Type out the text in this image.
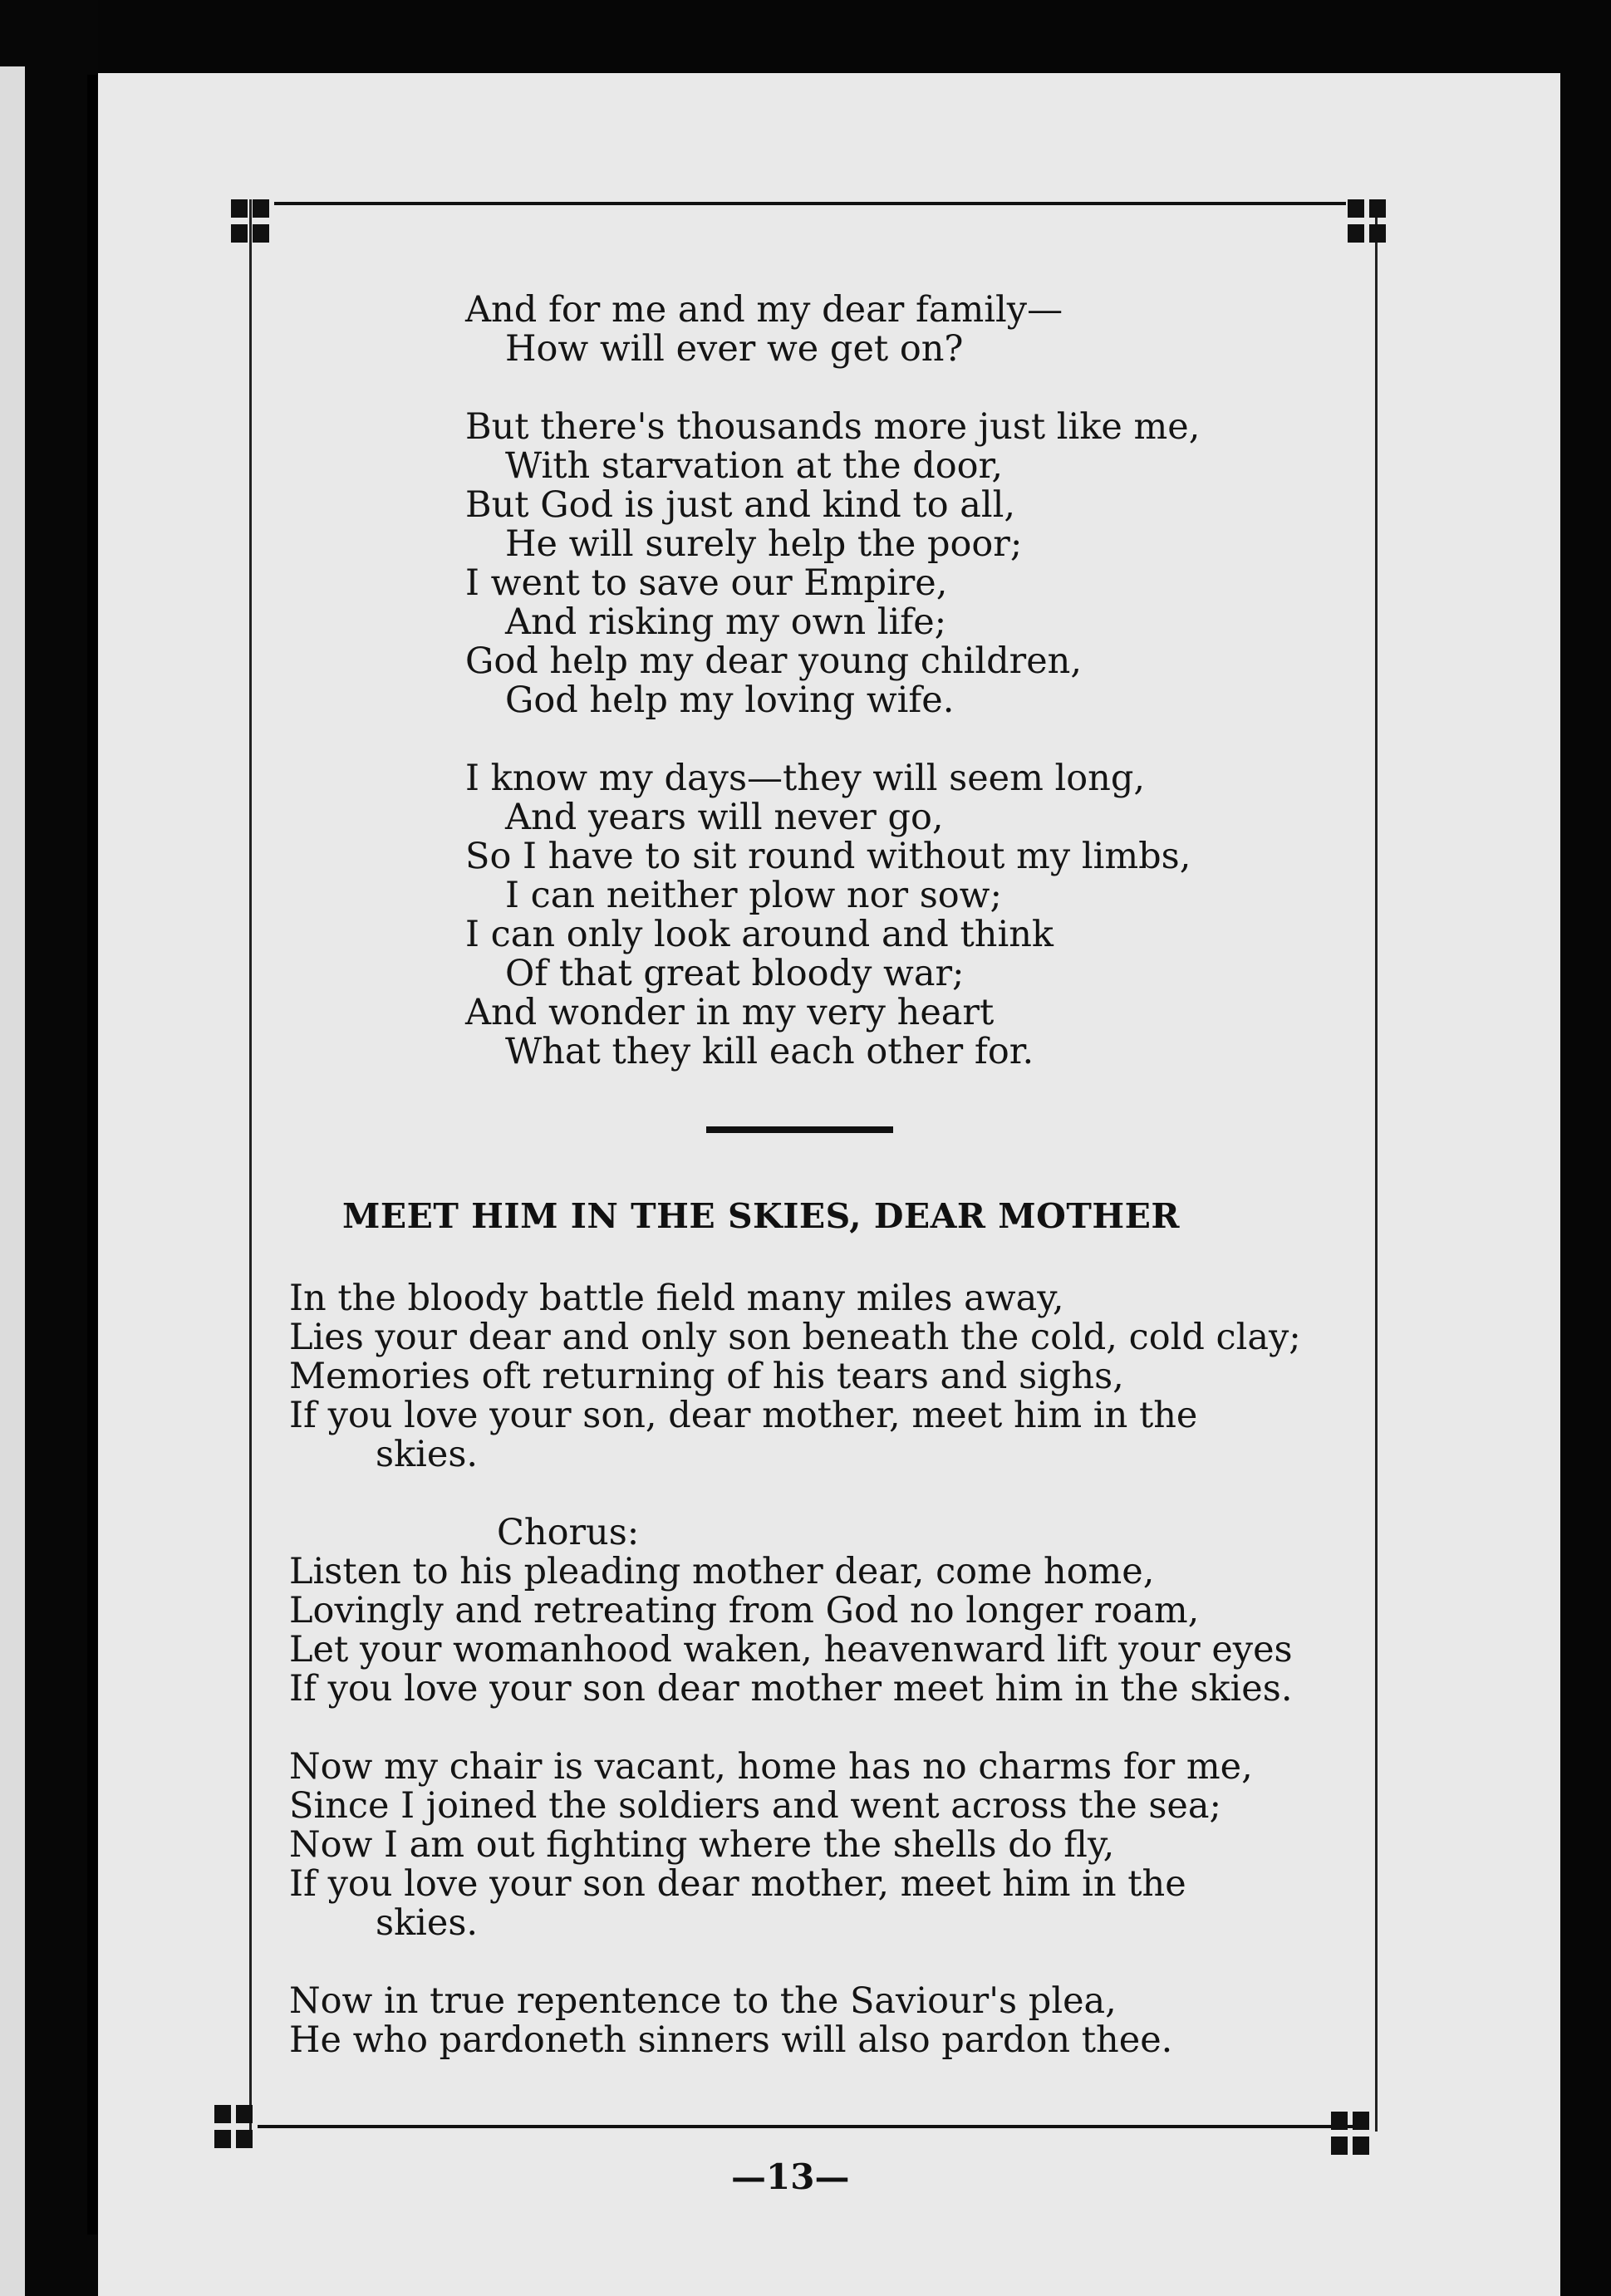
And for me and my dear family—
How will ever we get on?
But there's thousands more just like me,
With starvation at the door,
But God is just and kind to all,
He will surely help the poor;
I went to save our Empire,
And risking my own life;
God help my dear young children,
God help my loving wife.
I know my days—they will seem long,
And years will never go,
So I have to sit round without my limbs,
I can neither plow nor sow;
I can only look around and think
Of that great bloody war;
And wonder in my very heart
What they kill each other for.
MEET HIM IN THE SKIES, DEAR MOTHER
In the bloody battle field many miles away,
Lies your dear and only son beneath the cold, cold clay;
Memories oft returning of his tears and sighs,
If you love your son, dear mother, meet him in the
skies.
Chorus:
Listen to his pleading mother dear, come home,
Lovingly and retreating from God no longer roam,
Let your womanhood waken, heavenward lift your eyes
If you love your son dear mother meet him in the skies.
Now my chair is vacant, home has no charms for me,
Since I joined the soldiers and went across the sea;
Now I am out fighting where the shells do fly,
If you love your son dear mother, meet him in the
skies.
Now in true repentence to the Saviour's plea,
He who pardoneth sinners will also pardon thee.
—13—
